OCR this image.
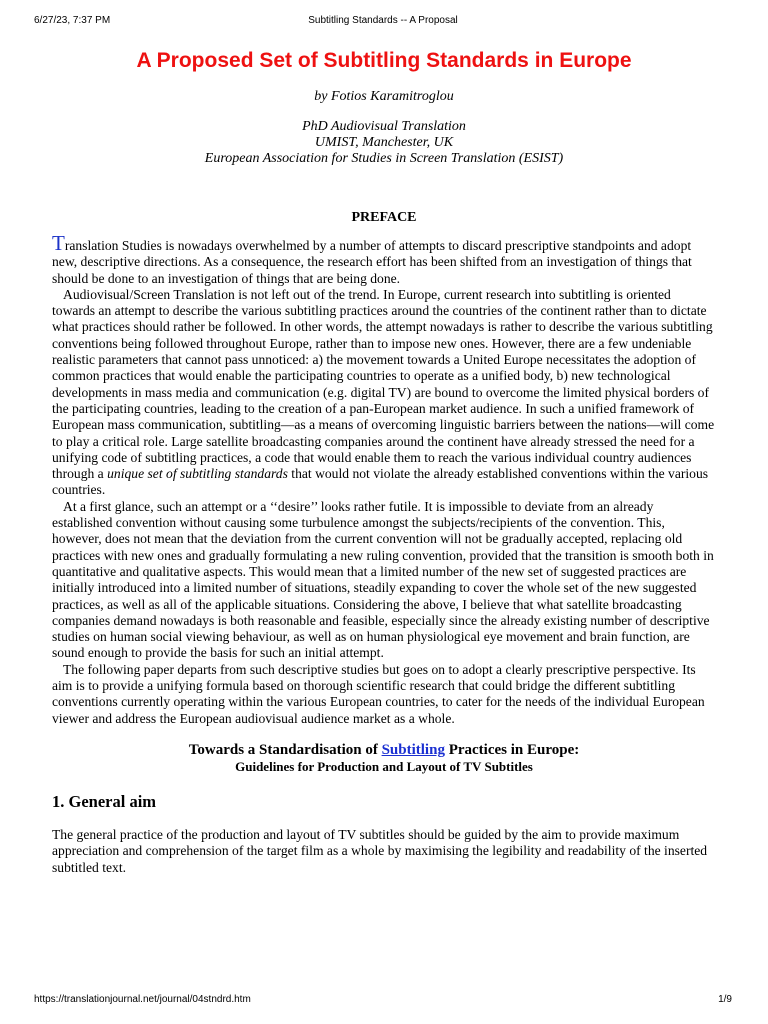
6/27/23, 7:37 PM	Subtitling Standards -- A Proposal
A Proposed Set of Subtitling Standards in Europe
by Fotios Karamitroglou
PhD Audiovisual Translation
UMIST, Manchester, UK
European Association for Studies in Screen Translation (ESIST)
PREFACE

Translation Studies is nowadays overwhelmed by a number of attempts to discard prescriptive standpoints and adopt new, descriptive directions. As a consequence, the research effort has been shifted from an investigation of things that should be done to an investigation of things that are being done.

Audiovisual/Screen Translation is not left out of the trend. In Europe, current research into subtitling is oriented towards an attempt to describe the various subtitling practices around the countries of the continent rather than to dictate what practices should rather be followed. In other words, the attempt nowadays is rather to describe the various subtitling conventions being followed throughout Europe, rather than to impose new ones. However, there are a few undeniable realistic parameters that cannot pass unnoticed: a) the movement towards a United Europe necessitates the adoption of common practices that would enable the participating countries to operate as a unified body, b) new technological developments in mass media and communication (e.g. digital TV) are bound to overcome the limited physical borders of the participating countries, leading to the creation of a pan-European market audience. In such a unified framework of European mass communication, subtitling—as a means of overcoming linguistic barriers between the nations—will come to play a critical role. Large satellite broadcasting companies around the continent have already stressed the need for a unifying code of subtitling practices, a code that would enable them to reach the various individual country audiences through a unique set of subtitling standards that would not violate the already established conventions within the various countries.

At a first glance, such an attempt or a ‘‘desire’’ looks rather futile. It is impossible to deviate from an already established convention without causing some turbulence amongst the subjects/recipients of the convention. This, however, does not mean that the deviation from the current convention will not be gradually accepted, replacing old practices with new ones and gradually formulating a new ruling convention, provided that the transition is smooth both in quantitative and qualitative aspects. This would mean that a limited number of the new set of suggested practices are initially introduced into a limited number of situations, steadily expanding to cover the whole set of the new suggested practices, as well as all of the applicable situations. Considering the above, I believe that what satellite broadcasting companies demand nowadays is both reasonable and feasible, especially since the already existing number of descriptive studies on human social viewing behaviour, as well as on human physiological eye movement and brain function, are sound enough to provide the basis for such an initial attempt.

The following paper departs from such descriptive studies but goes on to adopt a clearly prescriptive perspective. Its aim is to provide a unifying formula based on thorough scientific research that could bridge the different subtitling conventions currently operating within the various European countries, to cater for the needs of the individual European viewer and address the European audiovisual audience market as a whole.

Towards a Standardisation of Subtitling Practices in Europe:
Guidelines for Production and Layout of TV Subtitles
1. General aim
The general practice of the production and layout of TV subtitles should be guided by the aim to provide maximum appreciation and comprehension of the target film as a whole by maximising the legibility and readability of the inserted subtitled text.
https://translationjournal.net/journal/04stndrd.htm	1/9
